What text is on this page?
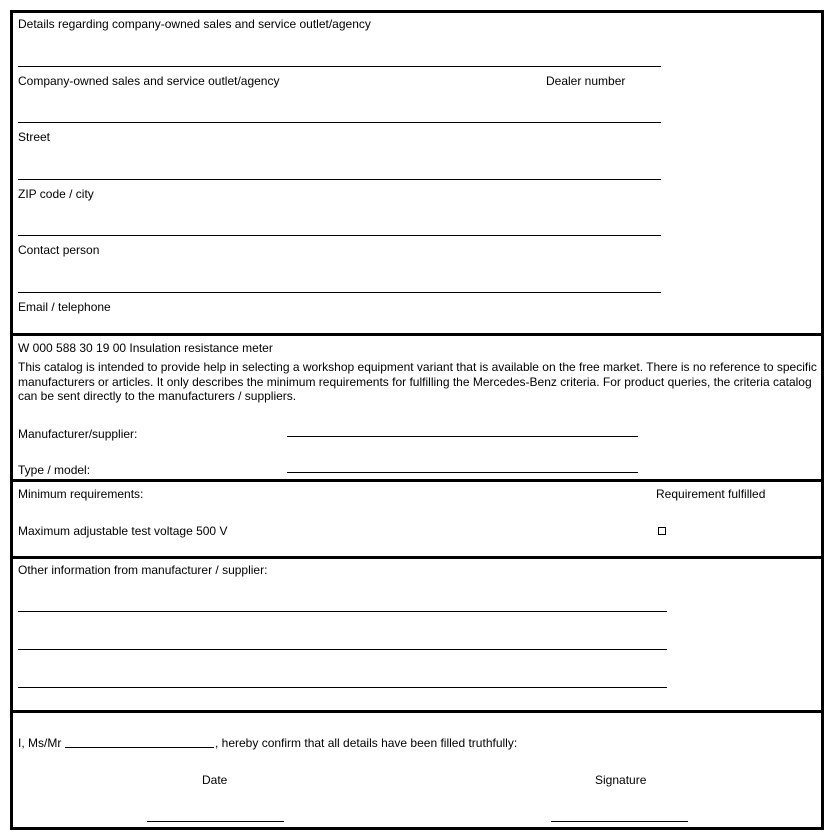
Details regarding company-owned sales and service outlet/agency
Company-owned sales and service outlet/agency	Dealer number
Street
ZIP code / city
Contact person
Email / telephone
W 000 588 30 19 00 Insulation resistance meter
This catalog is intended to provide help in selecting a workshop equipment variant that is available on the free market. There is no reference to specific manufacturers or articles. It only describes the minimum requirements for fulfilling the Mercedes-Benz criteria. For product queries, the criteria catalog can be sent directly to the manufacturers / suppliers.
Manufacturer/supplier:
Type / model:
Minimum requirements:	Requirement fulfilled
Maximum adjustable test voltage 500 V
Other information from manufacturer / supplier:
I, Ms/Mr	, hereby confirm that all details have been filled truthfully:
Date	Signature
